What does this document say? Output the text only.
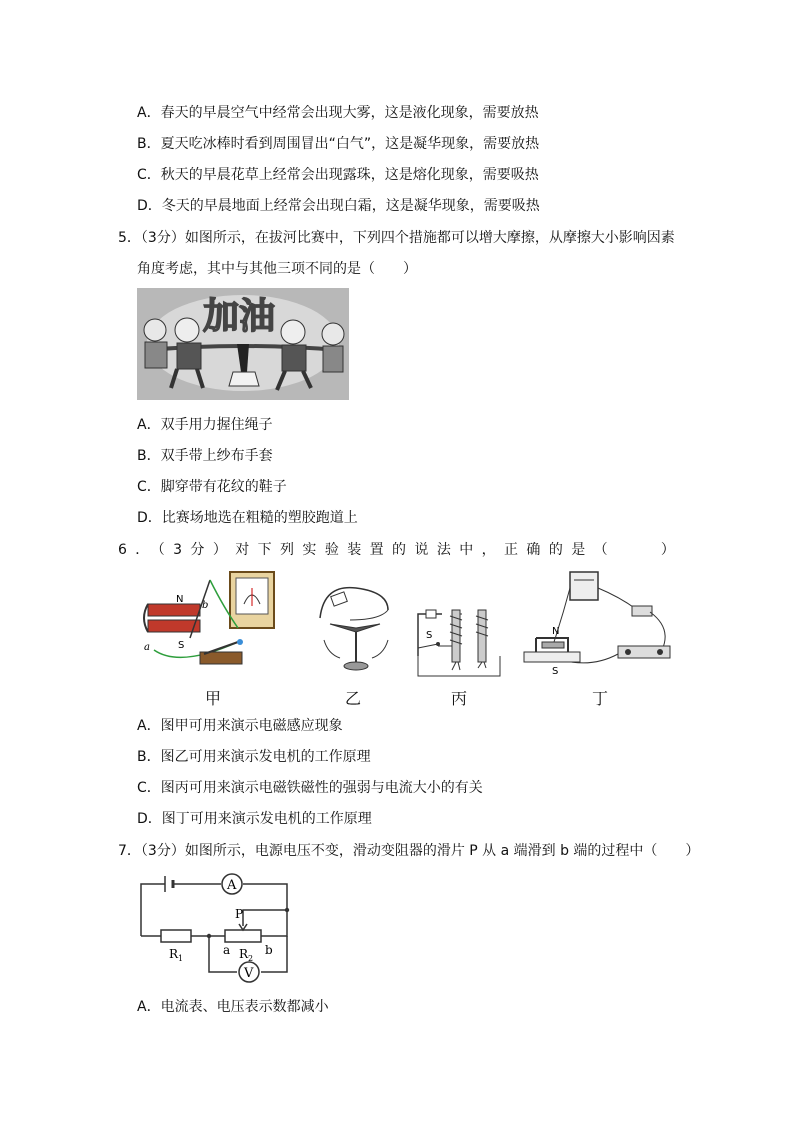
A．春天的早晨空气中经常会出现大雾，这是液化现象，需要放热
B．夏天吃冰棒时看到周围冒出“白气”，这是凝华现象，需要放热
C．秋天的早晨花草上经常会出现露珠，这是熔化现象，需要吸热
D．冬天的早晨地面上经常会出现白霜，这是凝华现象，需要吸热
5．（3分）如图所示，在拔河比赛中，下列四个措施都可以增大摩擦，从摩擦大小影响因素
角度考虑，其中与其他三项不同的是（　　）
加油
A．双手用力握住绳子
B．双手带上纱布手套
C．脚穿带有花纹的鞋子
D．比赛场地选在粗糙的塑胶跑道上
6．（3分）对下列实验装置的说法中，正确的是（　　）
N
S
a
b
甲	乙
S
丙
N
S
丁
A．图甲可用来演示电磁感应现象
B．图乙可用来演示发电机的工作原理
C．图丙可用来演示电磁铁磁性的强弱与电流大小的有关
D．图丁可用来演示发电机的工作原理
7．（3分）如图所示，电源电压不变，滑动变阻器的滑片 P 从 a 端滑到 b 端的过程中（　　）
A
V
P
a	b
R 1	R 2
A．电流表、电压表示数都减小
